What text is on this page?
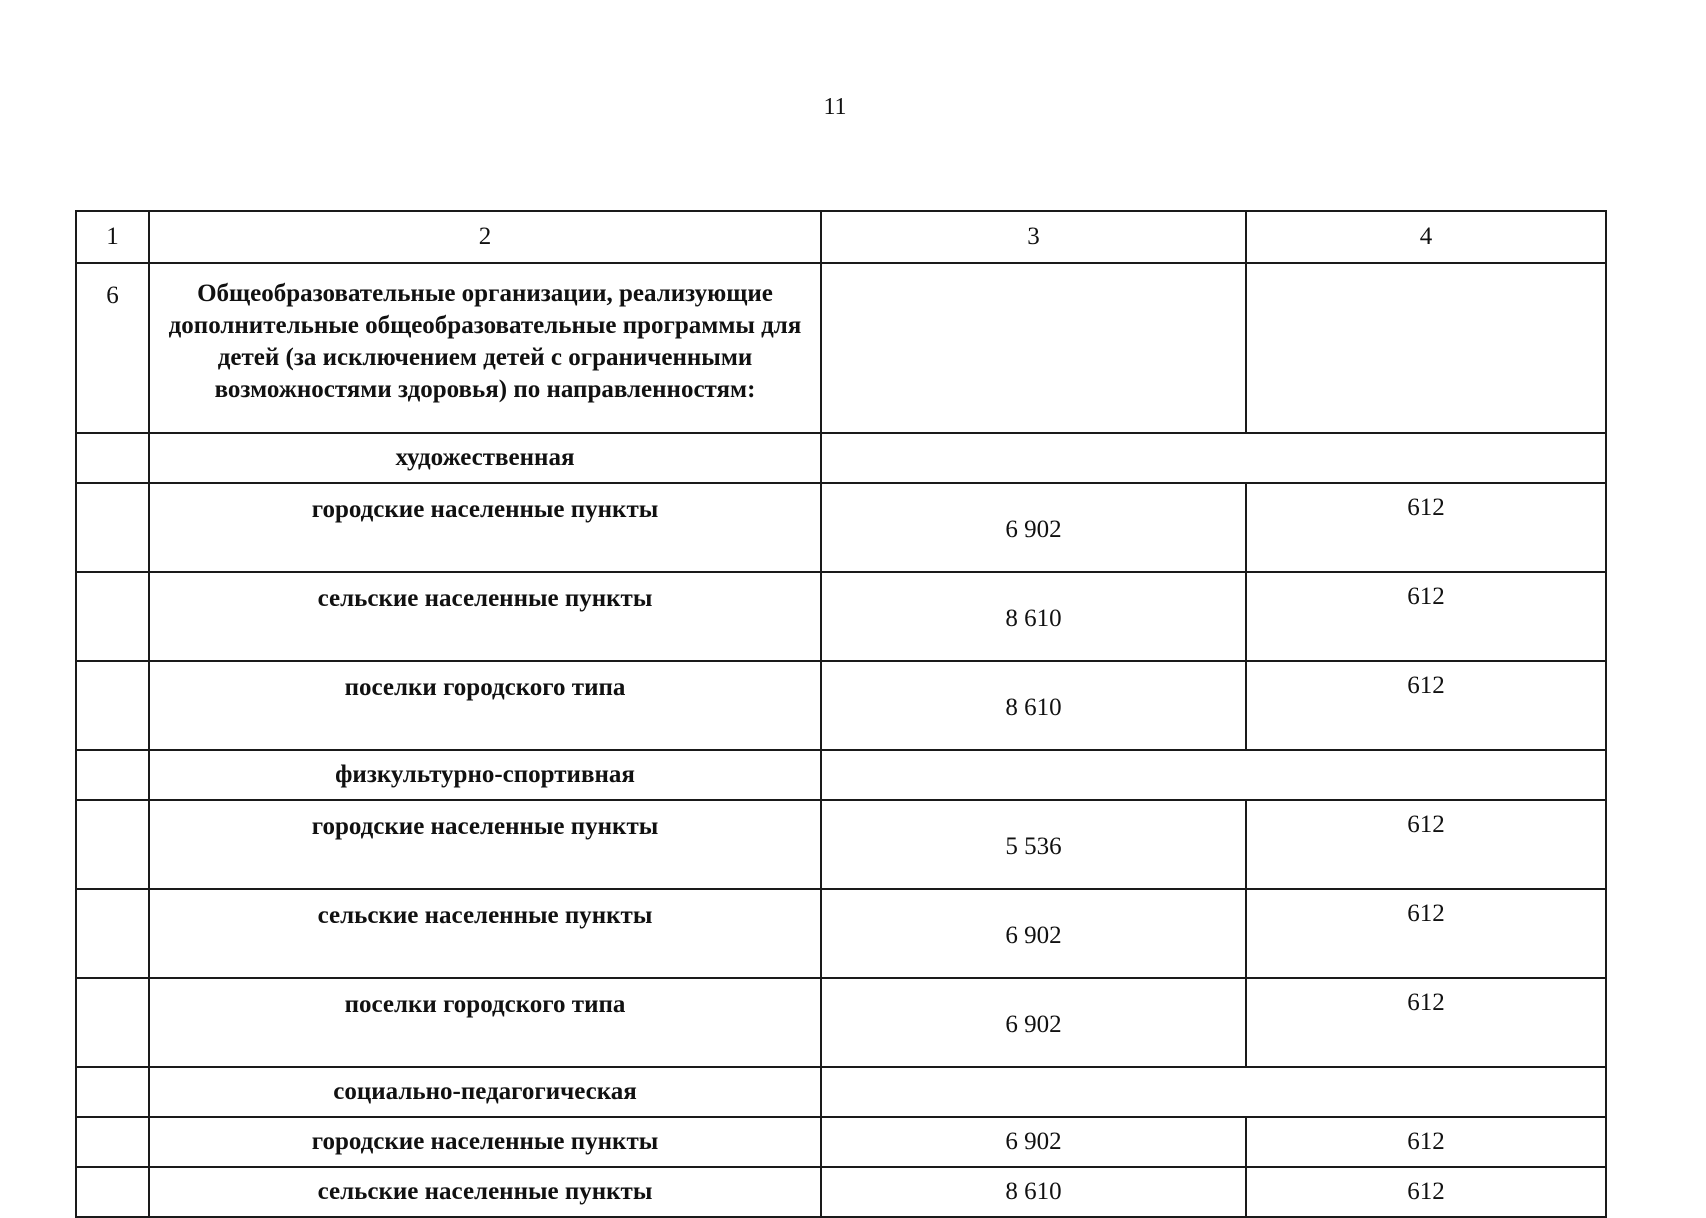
11
1	2	3	4
6	Общеобразовательные организации, реализующие дополнительные общеобразовательные программы для детей (за исключением детей с ограниченными возможностями здоровья) по направленностям:		
	художественная		
	городские населенные пункты	6 902	612
	сельские населенные пункты	8 610	612
	поселки городского типа	8 610	612
	физкультурно-спортивная		
	городские населенные пункты	5 536	612
	сельские населенные пункты	6 902	612
	поселки городского типа	6 902	612
	социально-педагогическая		
	городские населенные пункты	6 902	612
	сельские населенные пункты	8 610	612
